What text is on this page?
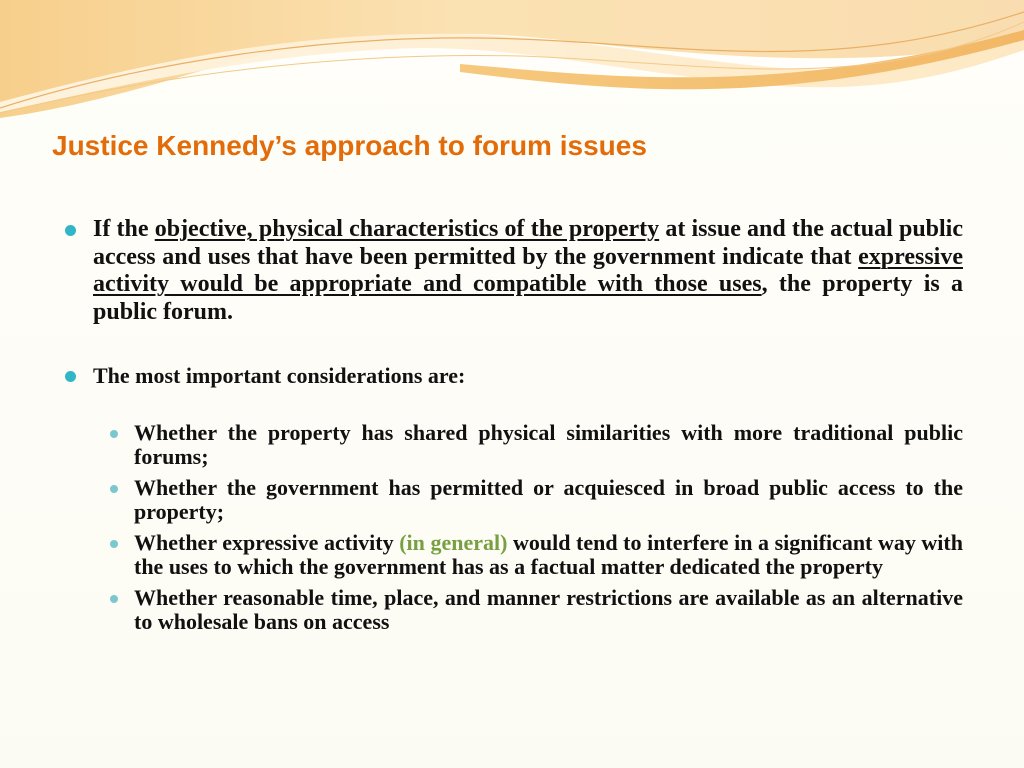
Justice Kennedy’s approach to forum issues
If the objective, physical characteristics of the property at issue and the actual public access and uses that have been permitted by the government indicate that expressive activity would be appropriate and compatible with those uses, the property is a public forum.
The most important considerations are:
Whether the property has shared physical similarities with more traditional public forums;
Whether the government has permitted or acquiesced in broad public access to the property;
Whether expressive activity (in general) would tend to interfere in a significant way with the uses to which the government has as a factual matter dedicated the property
Whether reasonable time, place, and manner restrictions are available as an alternative to wholesale bans on access
